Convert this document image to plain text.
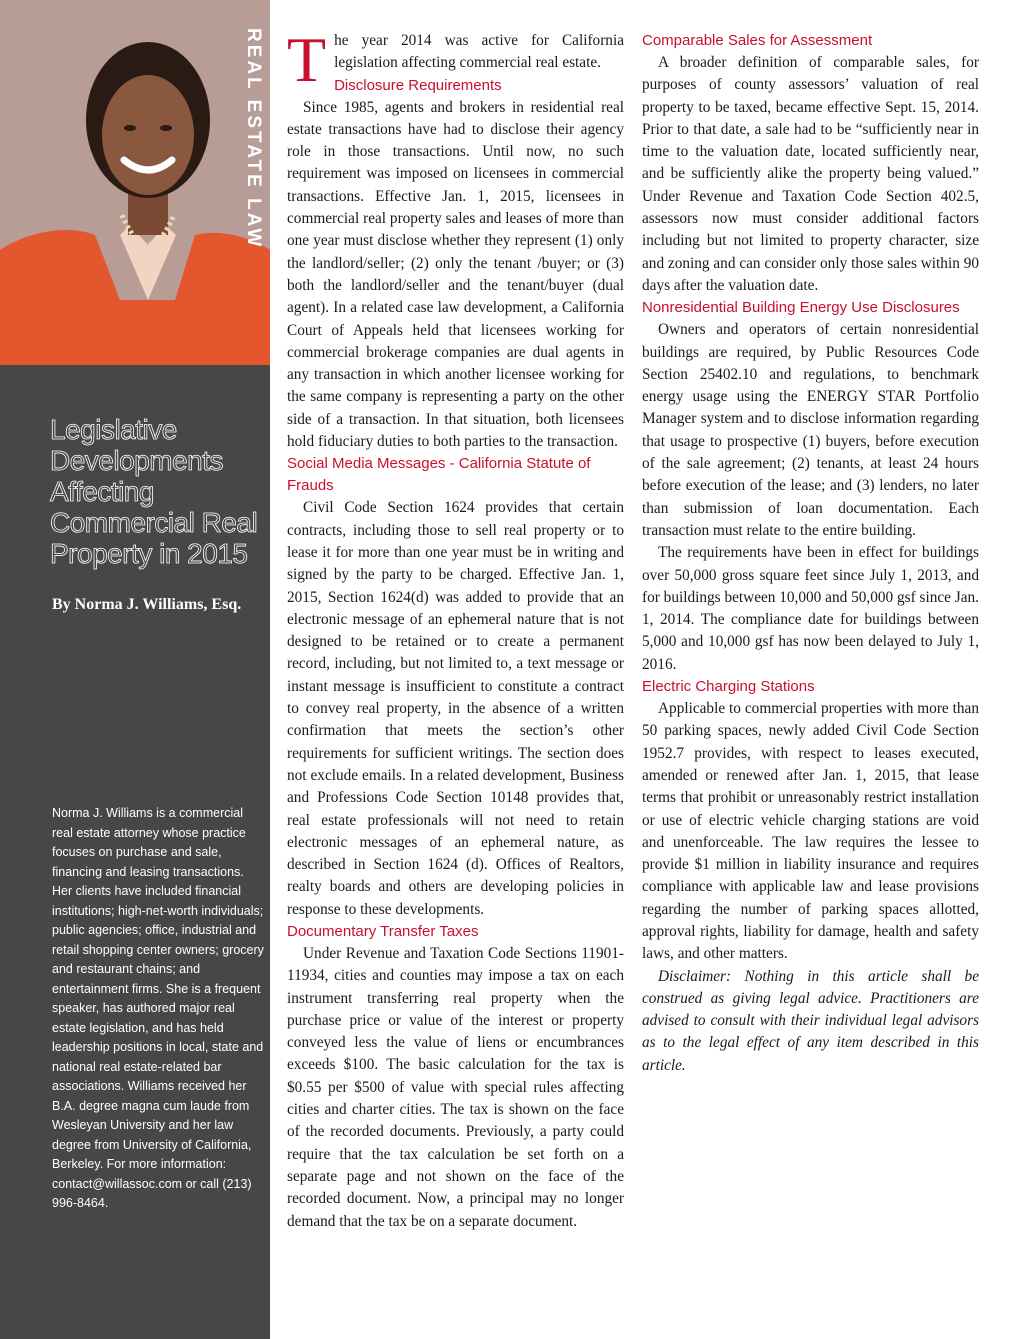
REAL ESTATE LAW
Legislative
Developments
Affecting
Commercial Real
Property in 2015
By Norma J. Williams, Esq.
Norma J. Williams is a commercial real estate attorney whose practice focuses on purchase and sale, financing and leasing transactions. Her clients have included financial institutions; high-net-worth individuals; public agencies; office, industrial and retail shopping center owners; grocery and restaurant chains; and entertainment firms. She is a frequent speaker, has authored major real estate legislation, and has held leadership positions in local, state and national real estate-related bar associations. Williams received her B.A. degree magna cum laude from Wesleyan University and her law degree from University of California, Berkeley. For more information: contact@willassoc.com or call (213) 996-8464.
T he year 2014 was active for California legislation affecting commercial real estate.

Disclosure Requirements

Since 1985, agents and brokers in residential real estate transactions have had to disclose their agency role in those transactions. Until now, no such requirement was imposed on licensees in commercial transactions. Effective Jan. 1, 2015, licensees in commercial real property sales and leases of more than one year must disclose whether they represent (1) only the landlord/seller; (2) only the tenant /buyer; or (3) both the landlord/seller and the tenant/buyer (dual agent). In a related case law development, a California Court of Appeals held that licensees working for commercial brokerage companies are dual agents in any transaction in which another licensee working for the same company is representing a party on the other side of a transaction. In that situation, both licensees hold fiduciary duties to both parties to the transaction.

Social Media Messages - California Statute of Frauds

Civil Code Section 1624 provides that certain contracts, including those to sell real property or to lease it for more than one year must be in writing and signed by the party to be charged. Effective Jan. 1, 2015, Section 1624(d) was added to provide that an electronic message of an ephemeral nature that is not designed to be retained or to create a permanent record, including, but not limited to, a text message or instant message is insufficient to constitute a contract to convey real property, in the absence of a written confirmation that meets the section’s other requirements for sufficient writings. The section does not exclude emails. In a related development, Business and Professions Code Section 10148 provides that, real estate professionals will not need to retain electronic messages of an ephemeral nature, as described in Section 1624 (d). Offices of Realtors, realty boards and others are developing policies in response to these developments.

Documentary Transfer Taxes

Under Revenue and Taxation Code Sections 11901-11934, cities and counties may impose a tax on each instrument transferring real property when the purchase price or value of the interest or property conveyed less the value of liens or encumbrances exceeds $100. The basic calculation for the tax is $0.55 per $500 of value with special rules affecting cities and charter cities. The tax is shown on the face of the recorded documents. Previously, a party could require that the tax calculation be set forth on a separate page and not shown on the face of the recorded document. Now, a principal may no longer demand that the tax be on a separate document.

Comparable Sales for Assessment

A broader definition of comparable sales, for purposes of county assessors’ valuation of real property to be taxed, became effective Sept. 15, 2014. Prior to that date, a sale had to be “sufficiently near in time to the valuation date, located sufficiently near, and be sufficiently alike the property being valued.” Under Revenue and Taxation Code Section 402.5, assessors now must consider additional factors including but not limited to property character, size and zoning and can consider only those sales within 90 days after the valuation date.

Nonresidential Building Energy Use Disclosures

Owners and operators of certain nonresidential buildings are required, by Public Resources Code Section 25402.10 and regulations, to benchmark energy usage using the ENERGY STAR Portfolio Manager system and to disclose information regarding that usage to prospective (1) buyers, before execution of the sale agreement; (2) tenants, at least 24 hours before execution of the lease; and (3) lenders, no later than submission of loan documentation. Each transaction must relate to the entire building.

The requirements have been in effect for buildings over 50,000 gross square feet since July 1, 2013, and for buildings between 10,000 and 50,000 gsf since Jan. 1, 2014. The compliance date for buildings between 5,000 and 10,000 gsf has now been delayed to July 1, 2016.

Electric Charging Stations

Applicable to commercial properties with more than 50 parking spaces, newly added Civil Code Section 1952.7 provides, with respect to leases executed, amended or renewed after Jan. 1, 2015, that lease terms that prohibit or unreasonably restrict installation or use of electric vehicle charging stations are void and unenforceable. The law requires the lessee to provide $1 million in liability insurance and requires compliance with applicable law and lease provisions regarding the number of parking spaces allotted, approval rights, liability for damage, health and safety laws, and other matters.

Disclaimer: Nothing in this article shall be construed as giving legal advice. Practitioners are advised to consult with their individual legal advisors as to the legal effect of any item described in this article.
